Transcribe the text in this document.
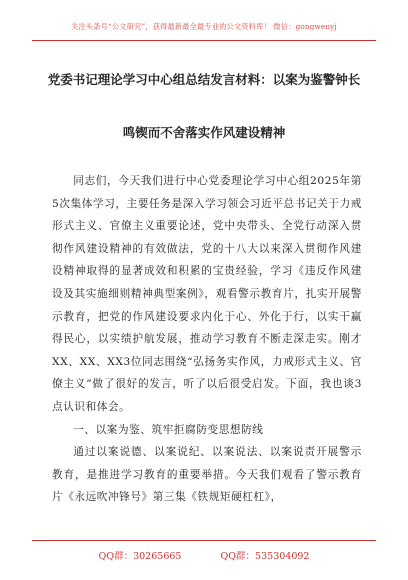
关注头条号“公文研究”，获得最新最全最专业的公文资料库！ 微信：gongwenyj
党委书记理论学习中心组总结发言材料：以案为鉴警钟长
鸣锲而不舍落实作风建设精神

同志们，今天我们进行中心党委理论学习中心组2025年第5次集体学习，主要任务是深入学习领会习近平总书记关于力戒形式主义、官僚主义重要论述，党中央带头、全党行动深入贯彻作风建设精神的有效做法，党的十八大以来深入贯彻作风建设精神取得的显著成效和积累的宝贵经验，学习《违反作风建设及其实施细则精神典型案例》，观看警示教育片，扎实开展警示教育，把党的作风建设要求内化于心、外化于行，以实干赢得民心，以实绩护航发展，推动学习教育不断走深走实。刚才XX、XX、XX3位同志围绕“弘扬务实作风，力戒形式主义、官僚主义”做了很好的发言，听了以后很受启发。下面，我也谈3点认识和体会。

一、以案为鉴、筑牢拒腐防变思想防线

通过以案说德、以案说纪、以案说法、以案说责开展警示教育，是推进学习教育的重要举措。今天我们观看了警示教育片《永远吹冲锋号》第三集《铁规矩硬杠杠》，

QQ群：30265665	QQ群：535304092
